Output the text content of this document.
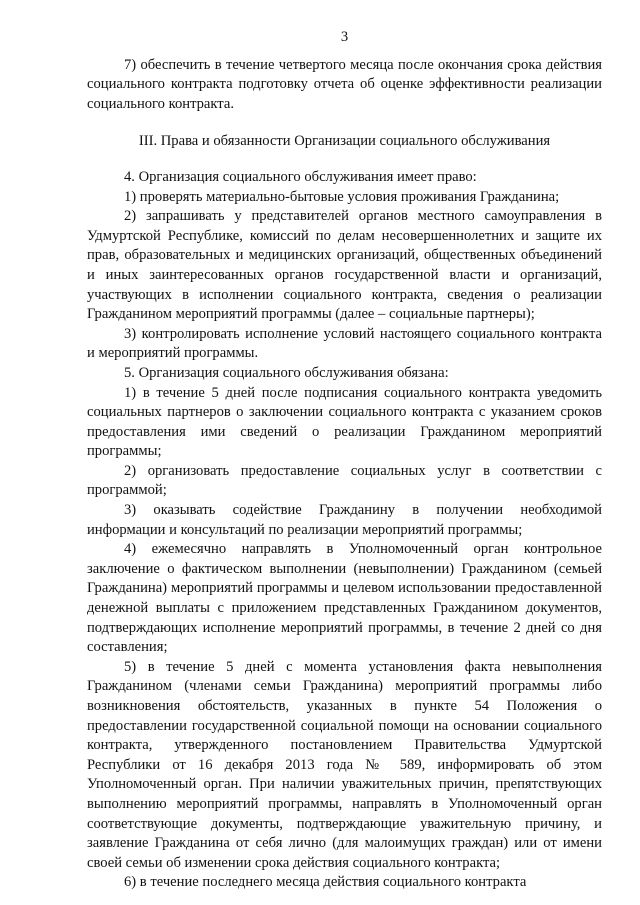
3

7) обеспечить в течение четвертого месяца после окончания срока действия социального контракта подготовку отчета об оценке эффективности реализации социального контракта.

III. Права и обязанности Организации социального обслуживания

4. Организация социального обслуживания имеет право:

1) проверять материально-бытовые условия проживания Гражданина;

2) запрашивать у представителей органов местного самоуправления в Удмуртской Республике, комиссий по делам несовершеннолетних и защите их прав, образовательных и медицинских организаций, общественных объединений и иных заинтересованных органов государственной власти и организаций, участвующих в исполнении социального контракта, сведения о реализации Гражданином мероприятий программы (далее – социальные партнеры);

3) контролировать исполнение условий настоящего социального контракта и мероприятий программы.

5. Организация социального обслуживания обязана:

1) в течение 5 дней после подписания социального контракта уведомить социальных партнеров о заключении социального контракта с указанием сроков предоставления ими сведений о реализации Гражданином мероприятий программы;

2) организовать предоставление социальных услуг в соответствии с программой;

3) оказывать содействие Гражданину в получении необходимой информации и консультаций по реализации мероприятий программы;

4) ежемесячно направлять в Уполномоченный орган контрольное заключение о фактическом выполнении (невыполнении) Гражданином (семьей Гражданина) мероприятий программы и целевом использовании предоставленной денежной выплаты с приложением представленных Гражданином документов, подтверждающих исполнение мероприятий программы, в течение 2 дней со дня составления;

5) в течение 5 дней с момента установления факта невыполнения Гражданином (членами семьи Гражданина) мероприятий программы либо возникновения обстоятельств, указанных в пункте 54 Положения о предоставлении государственной социальной помощи на основании социального контракта, утвержденного постановлением Правительства Удмуртской Республики от 16 декабря 2013 года № 589, информировать об этом Уполномоченный орган. При наличии уважительных причин, препятствующих выполнению мероприятий программы, направлять в Уполномоченный орган соответствующие документы, подтверждающие уважительную причину, и заявление Гражданина от себя лично (для малоимущих граждан) или от имени своей семьи об изменении срока действия социального контракта;

6) в течение последнего месяца действия социального контракта
